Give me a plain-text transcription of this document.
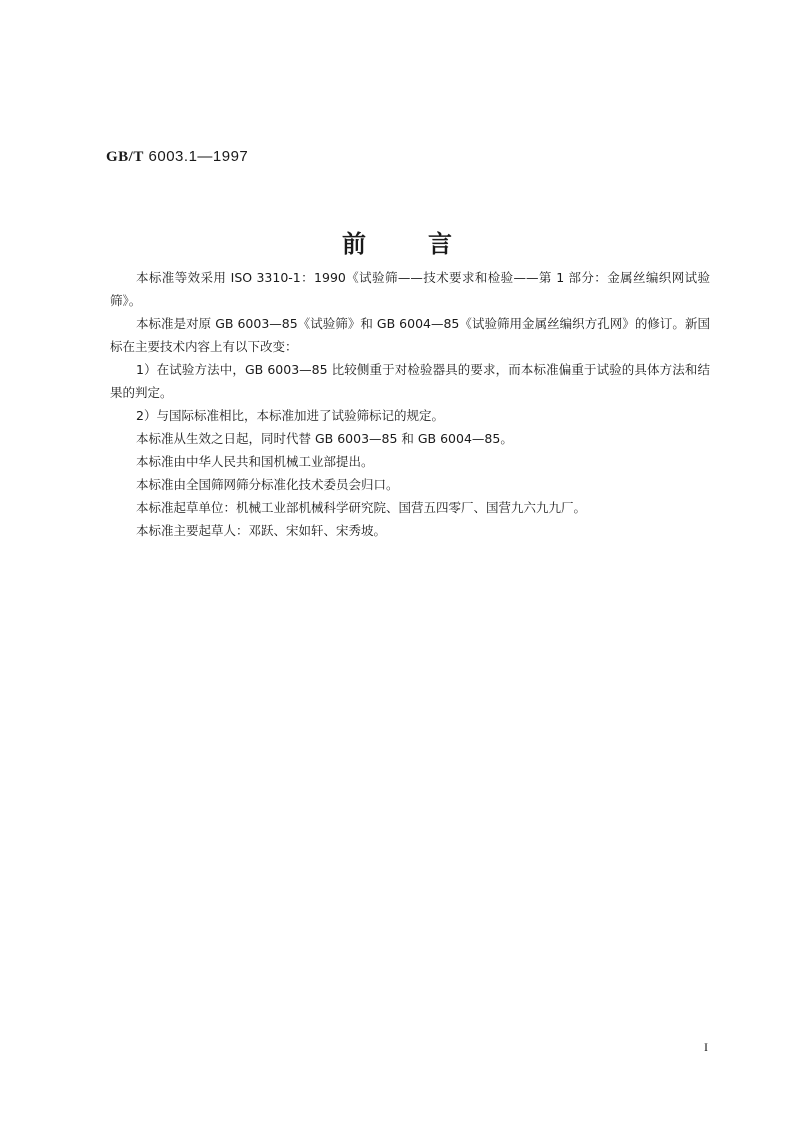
GB/T 6003.1—1997
前言

本标准等效采用 ISO 3310-1：1990《试验筛——技术要求和检验——第 1 部分：金属丝编织网试验筛》。

本标准是对原 GB 6003—85《试验筛》和 GB 6004—85《试验筛用金属丝编织方孔网》的修订。新国标在主要技术内容上有以下改变：

1）在试验方法中，GB 6003—85 比较侧重于对检验器具的要求，而本标准偏重于试验的具体方法和结果的判定。

2）与国际标准相比，本标准加进了试验筛标记的规定。

本标准从生效之日起，同时代替 GB 6003—85 和 GB 6004—85。

本标准由中华人民共和国机械工业部提出。

本标准由全国筛网筛分标准化技术委员会归口。

本标准起草单位：机械工业部机械科学研究院、国营五四零厂、国营九六九九厂。

本标准主要起草人：邓跃、宋如轩、宋秀坡。

I
